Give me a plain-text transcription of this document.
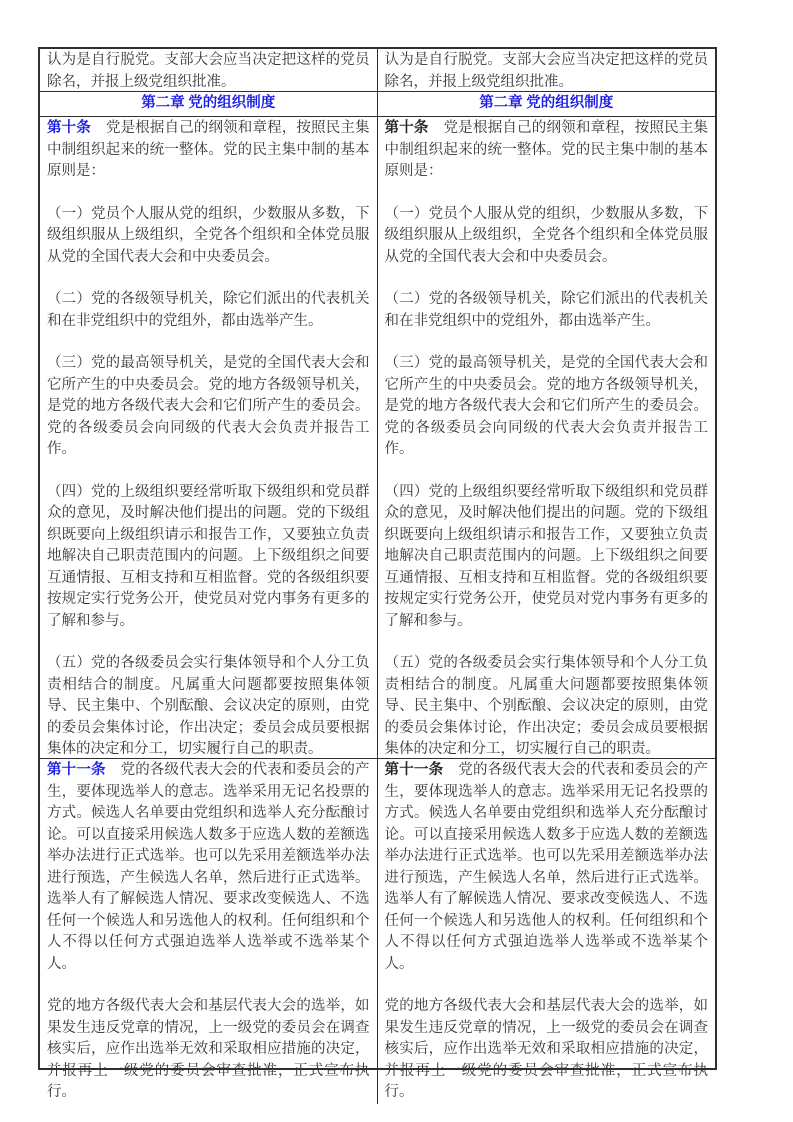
认为是自行脱党。支部大会应当决定把这样的党员除名，并报上级党组织批准。

第二章 党的组织制度

第十条 党是根据自己的纲领和章程，按照民主集中制组织起来的统一整体。党的民主集中制的基本原则是：

（一）党员个人服从党的组织，少数服从多数，下级组织服从上级组织，全党各个组织和全体党员服从党的全国代表大会和中央委员会。

（二）党的各级领导机关，除它们派出的代表机关和在非党组织中的党组外，都由选举产生。

（三）党的最高领导机关，是党的全国代表大会和它所产生的中央委员会。党的地方各级领导机关，是党的地方各级代表大会和它们所产生的委员会。党的各级委员会向同级的代表大会负责并报告工作。

（四）党的上级组织要经常听取下级组织和党员群众的意见，及时解决他们提出的问题。党的下级组织既要向上级组织请示和报告工作，又要独立负责地解决自己职责范围内的问题。上下级组织之间要互通情报、互相支持和互相监督。党的各级组织要按规定实行党务公开，使党员对党内事务有更多的了解和参与。

（五）党的各级委员会实行集体领导和个人分工负责相结合的制度。凡属重大问题都要按照集体领导、民主集中、个别酝酿、会议决定的原则，由党的委员会集体讨论，作出决定；委员会成员要根据集体的决定和分工，切实履行自己的职责。

第十一条 党的各级代表大会的代表和委员会的产生，要体现选举人的意志。选举采用无记名投票的方式。候选人名单要由党组织和选举人充分酝酿讨论。可以直接采用候选人数多于应选人数的差额选举办法进行正式选举。也可以先采用差额选举办法进行预选，产生候选人名单，然后进行正式选举。选举人有了解候选人情况、要求改变候选人、不选任何一个候选人和另选他人的权利。任何组织和个人不得以任何方式强迫选举人选举或不选举某个人。

党的地方各级代表大会和基层代表大会的选举，如果发生违反党章的情况，上一级党的委员会在调查核实后，应作出选举无效和采取相应措施的决定，并报再上一级党的委员会审查批准，正式宣布执行。

认为是自行脱党。支部大会应当决定把这样的党员除名，并报上级党组织批准。

第二章 党的组织制度

第十条 党是根据自己的纲领和章程，按照民主集中制组织起来的统一整体。党的民主集中制的基本原则是：

（一）党员个人服从党的组织，少数服从多数，下级组织服从上级组织，全党各个组织和全体党员服从党的全国代表大会和中央委员会。

（二）党的各级领导机关，除它们派出的代表机关和在非党组织中的党组外，都由选举产生。

（三）党的最高领导机关，是党的全国代表大会和它所产生的中央委员会。党的地方各级领导机关，是党的地方各级代表大会和它们所产生的委员会。党的各级委员会向同级的代表大会负责并报告工作。

（四）党的上级组织要经常听取下级组织和党员群众的意见，及时解决他们提出的问题。党的下级组织既要向上级组织请示和报告工作，又要独立负责地解决自己职责范围内的问题。上下级组织之间要互通情报、互相支持和互相监督。党的各级组织要按规定实行党务公开，使党员对党内事务有更多的了解和参与。

（五）党的各级委员会实行集体领导和个人分工负责相结合的制度。凡属重大问题都要按照集体领导、民主集中、个别酝酿、会议决定的原则，由党的委员会集体讨论，作出决定；委员会成员要根据集体的决定和分工，切实履行自己的职责。

第十一条 党的各级代表大会的代表和委员会的产生，要体现选举人的意志。选举采用无记名投票的方式。候选人名单要由党组织和选举人充分酝酿讨论。可以直接采用候选人数多于应选人数的差额选举办法进行正式选举。也可以先采用差额选举办法进行预选，产生候选人名单，然后进行正式选举。选举人有了解候选人情况、要求改变候选人、不选任何一个候选人和另选他人的权利。任何组织和个人不得以任何方式强迫选举人选举或不选举某个人。

党的地方各级代表大会和基层代表大会的选举，如果发生违反党章的情况，上一级党的委员会在调查核实后，应作出选举无效和采取相应措施的决定，并报再上一级党的委员会审查批准，正式宣布执行。
